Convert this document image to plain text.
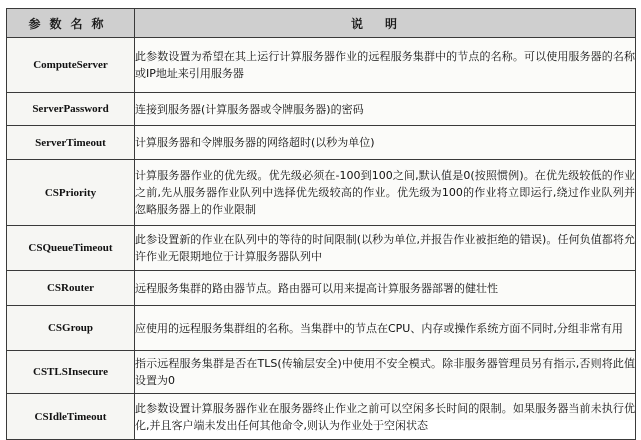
参数名称	说明
ComputeServer	此参数设置为希望在其上运行计算服务器作业的远程服务集群中的节点的名称。可以使用服务器的名称或IP地址来引用服务器
ServerPassword	连接到服务器(计算服务器或令牌服务器)的密码
ServerTimeout	计算服务器和令牌服务器的网络超时(以秒为单位)
CSPriority	计算服务器作业的优先级。优先级必须在-100到100之间,默认值是0(按照惯例)。在优先级较低的作业之前,先从服务器作业队列中选择优先级较高的作业。优先级为100的作业将立即运行,绕过作业队列并忽略服务器上的作业限制
CSQueueTimeout	此参设置新的作业在队列中的等待的时间限制(以秒为单位,并报告作业被拒绝的错误)。任何负值都将允许作业无限期地位于计算服务器队列中
CSRouter	远程服务集群的路由器节点。路由器可以用来提高计算服务器部署的健壮性
CSGroup	应使用的远程服务集群组的名称。当集群中的节点在CPU、内存或操作系统方面不同时,分组非常有用
CSTLSInsecure	指示远程服务集群是否在TLS(传输层安全)中使用不安全模式。除非服务器管理员另有指示,否则将此值设置为0
CSIdleTimeout	此参数设置计算服务器作业在服务器终止作业之前可以空闲多长时间的限制。如果服务器当前未执行优化,并且客户端未发出任何其他命令,则认为作业处于空闲状态
